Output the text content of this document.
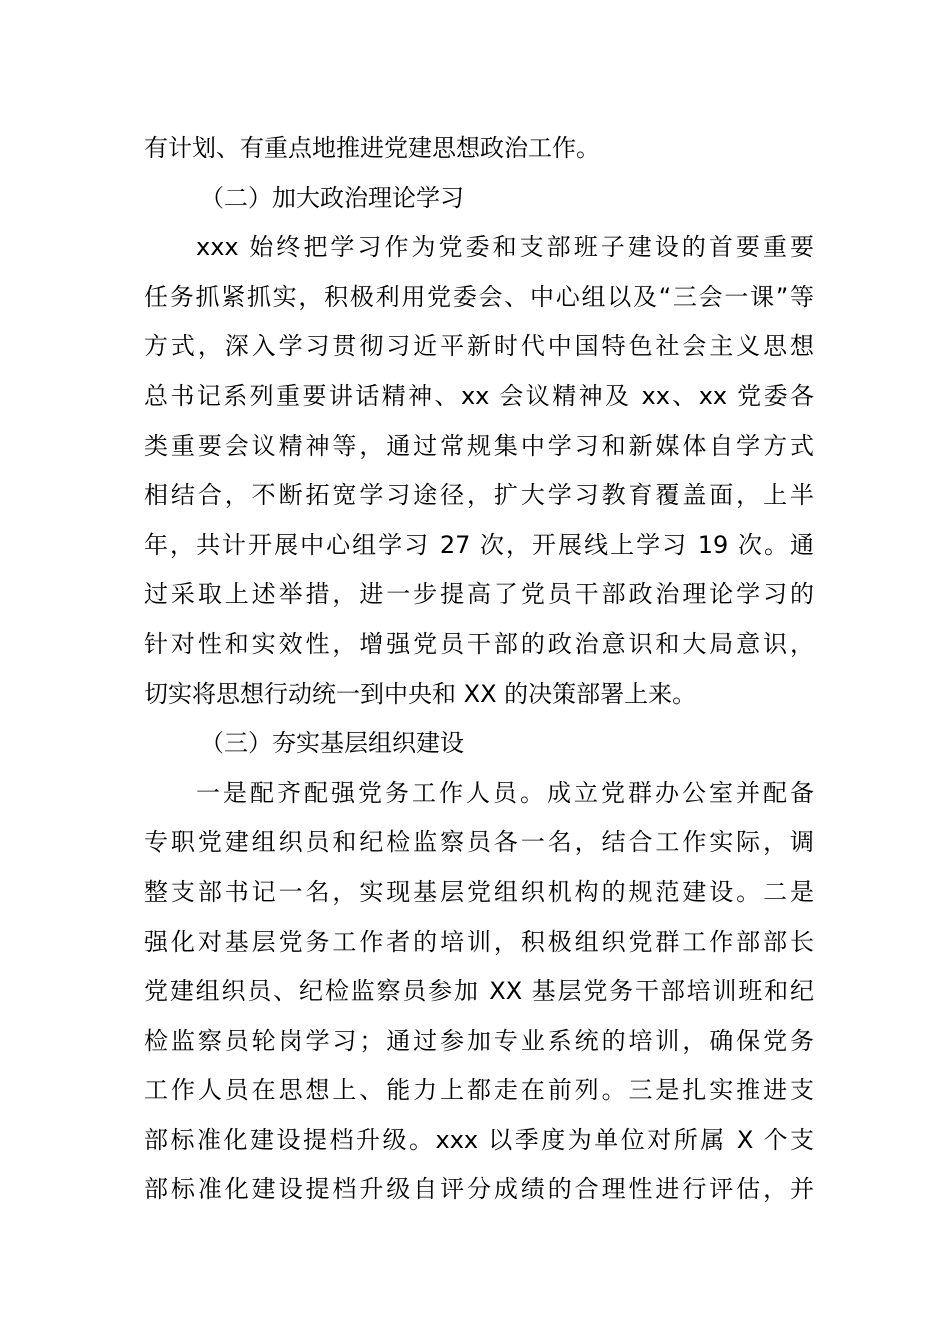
有计划、有重点地推进党建思想政治工作。
（二）加大政治理论学习
xxx 始终把学习作为党委和支部班子建设的首要重要
任务抓紧抓实，积极利用党委会、中心组以及“三会一课”等
方式，深入学习贯彻习近平新时代中国特色社会主义思想
总书记系列重要讲话精神、xx 会议精神及 xx、xx 党委各
类重要会议精神等，通过常规集中学习和新媒体自学方式
相结合，不断拓宽学习途径，扩大学习教育覆盖面，上半
年，共计开展中心组学习 27 次，开展线上学习 19 次。通
过采取上述举措，进一步提高了党员干部政治理论学习的
针对性和实效性，增强党员干部的政治意识和大局意识，
切实将思想行动统一到中央和 XX 的决策部署上来。
（三）夯实基层组织建设
一是配齐配强党务工作人员。成立党群办公室并配备
专职党建组织员和纪检监察员各一名，结合工作实际，调
整支部书记一名，实现基层党组织机构的规范建设。二是
强化对基层党务工作者的培训，积极组织党群工作部部长
党建组织员、纪检监察员参加 XX 基层党务干部培训班和纪
检监察员轮岗学习；通过参加专业系统的培训，确保党务
工作人员在思想上、能力上都走在前列。三是扎实推进支
部标准化建设提档升级。xxx 以季度为单位对所属 X 个支
部标准化建设提档升级自评分成绩的合理性进行评估，并
